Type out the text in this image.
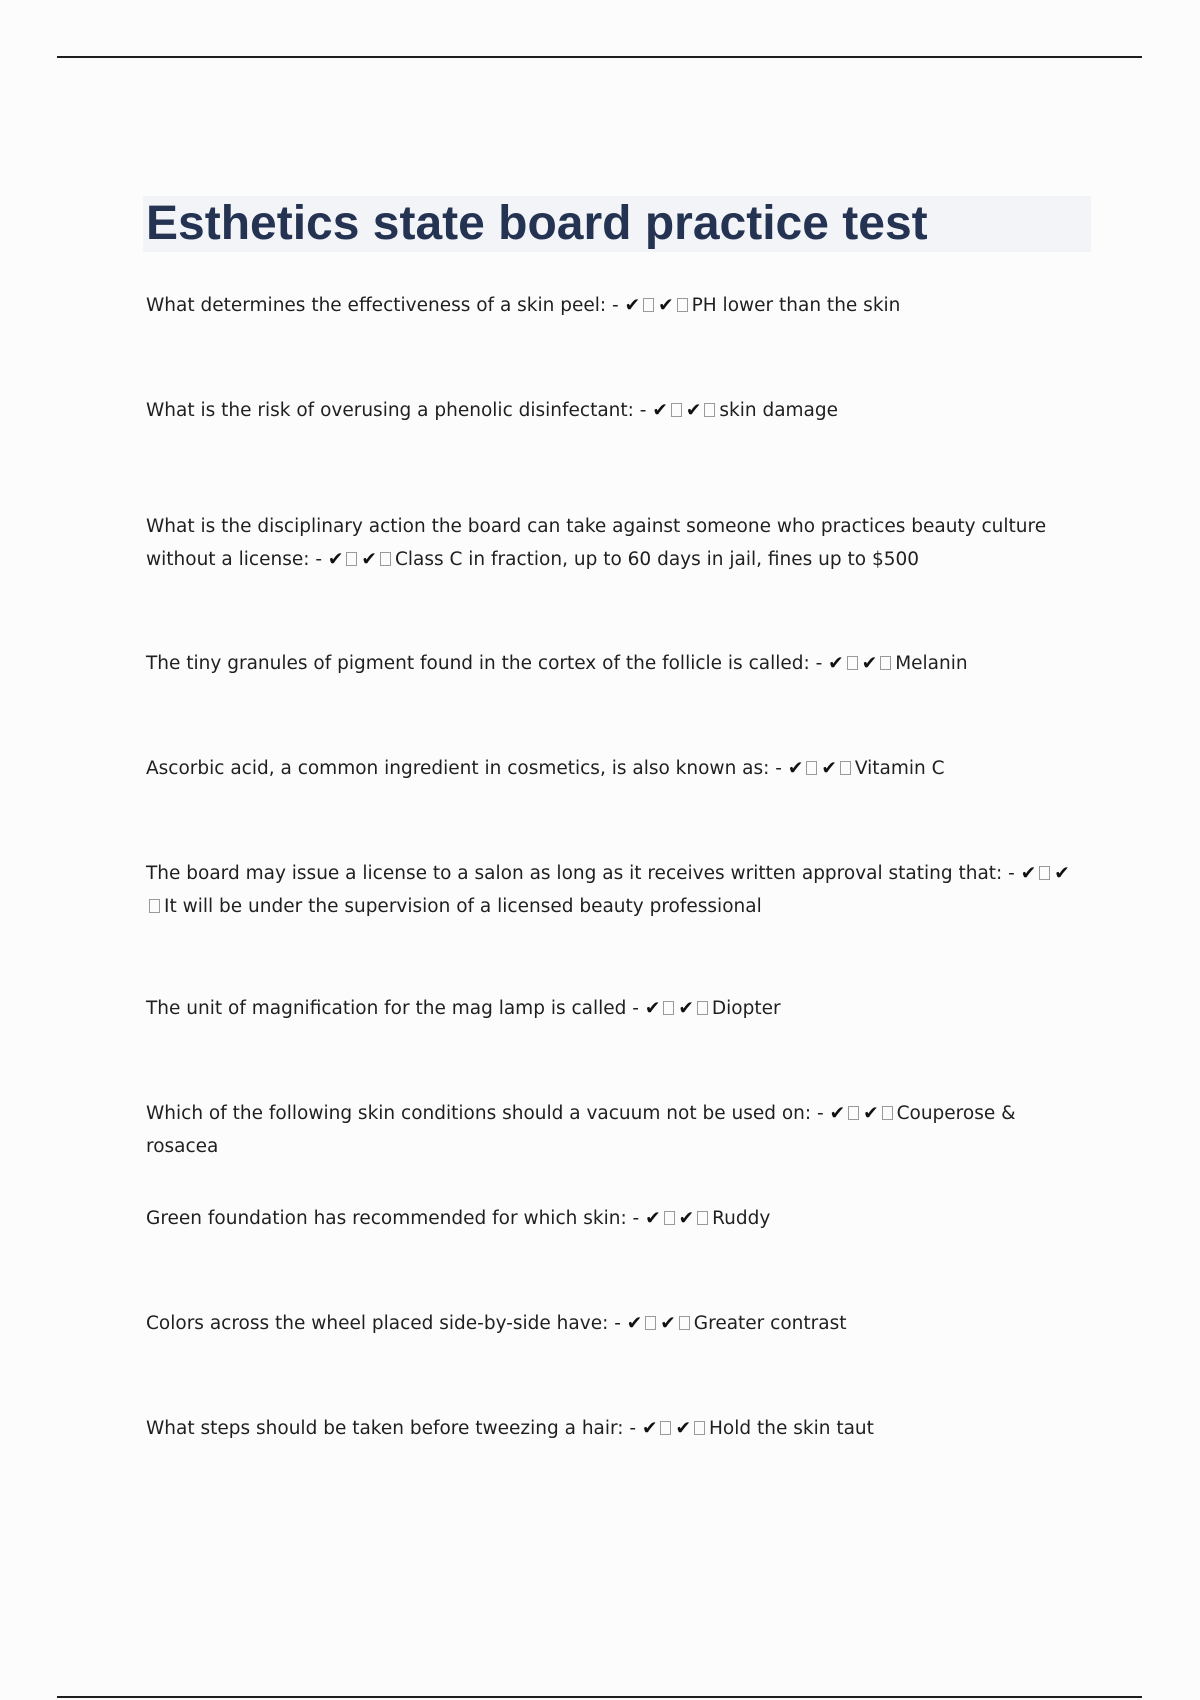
Esthetics state board practice test

What determines the effectiveness of a skin peel: - ✔ ✔ PH lower than the skin

What is the risk of overusing a phenolic disinfectant: - ✔ ✔ skin damage

What is the disciplinary action the board can take against someone who practices beauty culture without a license: - ✔ ✔ Class C in fraction, up to 60 days in jail, fines up to $500

The tiny granules of pigment found in the cortex of the follicle is called: - ✔ ✔ Melanin

Ascorbic acid, a common ingredient in cosmetics, is also known as: - ✔ ✔ Vitamin C

The board may issue a license to a salon as long as it receives written approval stating that: - ✔ ✔It will be under the supervision of a licensed beauty professional

The unit of magnification for the mag lamp is called - ✔ ✔ Diopter

Which of the following skin conditions should a vacuum not be used on: - ✔ ✔ Couperose & rosacea

Green foundation has recommended for which skin: - ✔ ✔ Ruddy

Colors across the wheel placed side-by-side have: - ✔ ✔ Greater contrast

What steps should be taken before tweezing a hair: - ✔ ✔ Hold the skin taut
